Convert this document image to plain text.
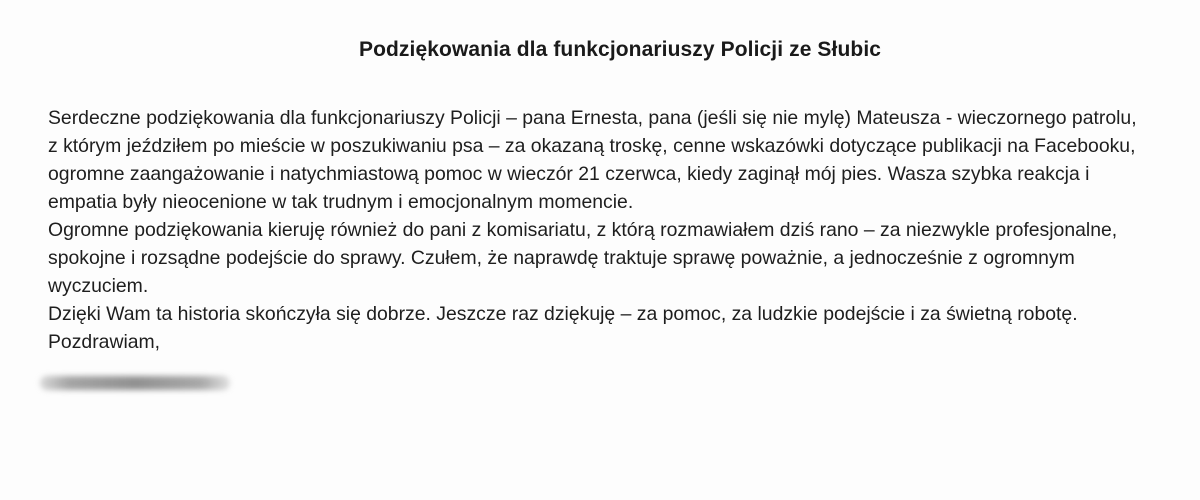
Podziękowania dla funkcjonariuszy Policji ze Słubic
Serdeczne podziękowania dla funkcjonariuszy Policji – pana Ernesta, pana (jeśli się nie mylę) Mateusza - wieczornego patrolu,
z którym jeździłem po mieście w poszukiwaniu psa – za okazaną troskę, cenne wskazówki dotyczące publikacji na Facebooku,
ogromne zaangażowanie i natychmiastową pomoc w wieczór 21 czerwca, kiedy zaginął mój pies. Wasza szybka reakcja i
empatia były nieocenione w tak trudnym i emocjonalnym momencie.
Ogromne podziękowania kieruję również do pani z komisariatu, z którą rozmawiałem dziś rano – za niezwykle profesjonalne,
spokojne i rozsądne podejście do sprawy. Czułem, że naprawdę traktuje sprawę poważnie, a jednocześnie z ogromnym
wyczuciem.
Dzięki Wam ta historia skończyła się dobrze. Jeszcze raz dziękuję – za pomoc, za ludzkie podejście i za świetną robotę.
Pozdrawiam,
